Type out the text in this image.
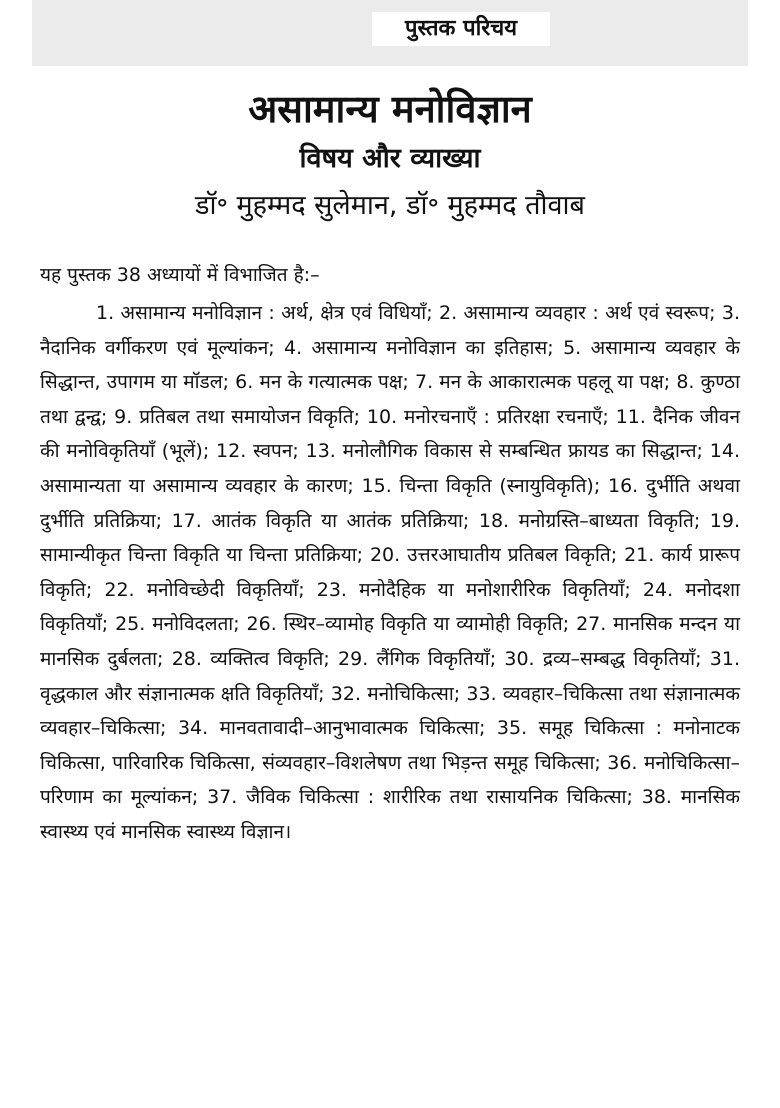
पुस्तक परिचय
असामान्य मनोविज्ञान
विषय और व्याख्या
डॉ॰ मुहम्मद सुलेमान, डॉ॰ मुहम्मद तौवाब
यह पुस्तक 38 अध्यायों में विभाजित है:–

1. असामान्य मनोविज्ञान : अर्थ, क्षेत्र एवं विधियाँ; 2. असामान्य व्यवहार : अर्थ एवं स्वरूप; 3. नैदानिक वर्गीकरण एवं मूल्यांकन; 4. असामान्य मनोविज्ञान का इतिहास; 5. असामान्य व्यवहार के सिद्धान्त, उपागम या मॉडल; 6. मन के गत्यात्मक पक्ष; 7. मन के आकारात्मक पहलू या पक्ष; 8. कुण्ठा तथा द्वन्द्व; 9. प्रतिबल तथा समायोजन विकृति; 10. मनोरचनाएँ : प्रतिरक्षा रचनाएँ; 11. दैनिक जीवन की मनोविकृतियाँ (भूलें); 12. स्वपन; 13. मनोलौगिक विकास से सम्बन्धित फ्रायड का सिद्धान्त; 14. असामान्यता या असामान्य व्यवहार के कारण; 15. चिन्ता विकृति (स्नायुविकृति); 16. दुर्भीति अथवा दुर्भीति प्रतिक्रिया; 17. आतंक विकृति या आतंक प्रतिक्रिया; 18. मनोग्रस्ति–बाध्यता विकृति; 19. सामान्यीकृत चिन्ता विकृति या चिन्ता प्रतिक्रिया; 20. उत्तरआघातीय प्रतिबल विकृति; 21. कार्य प्रारूप विकृति; 22. मनोविच्छेदी विकृतियाँ; 23. मनोदैहिक या मनोशारीरिक विकृतियाँ; 24. मनोदशा विकृतियाँ; 25. मनोविदलता; 26. स्थिर–व्यामोह विकृति या व्यामोही विकृति; 27. मानसिक मन्दन या मानसिक दुर्बलता; 28. व्यक्तित्व विकृति; 29. लैंगिक विकृतियाँ; 30. द्रव्य–सम्बद्ध विकृतियाँ; 31. वृद्धकाल और संज्ञानात्मक क्षति विकृतियाँ; 32. मनोचिकित्सा; 33. व्यवहार–चिकित्सा तथा संज्ञानात्मक व्यवहार–चिकित्सा; 34. मानवतावादी–आनुभावात्मक चिकित्सा; 35. समूह चिकित्सा : मनोनाटक चिकित्सा, पारिवारिक चिकित्सा, संव्यवहार–विशलेषण तथा भिड़न्त समूह चिकित्सा; 36. मनोचिकित्सा–परिणाम का मूल्यांकन; 37. जैविक चिकित्सा : शारीरिक तथा रासायनिक चिकित्सा; 38. मानसिक स्वास्थ्य एवं मानसिक स्वास्थ्य विज्ञान।
